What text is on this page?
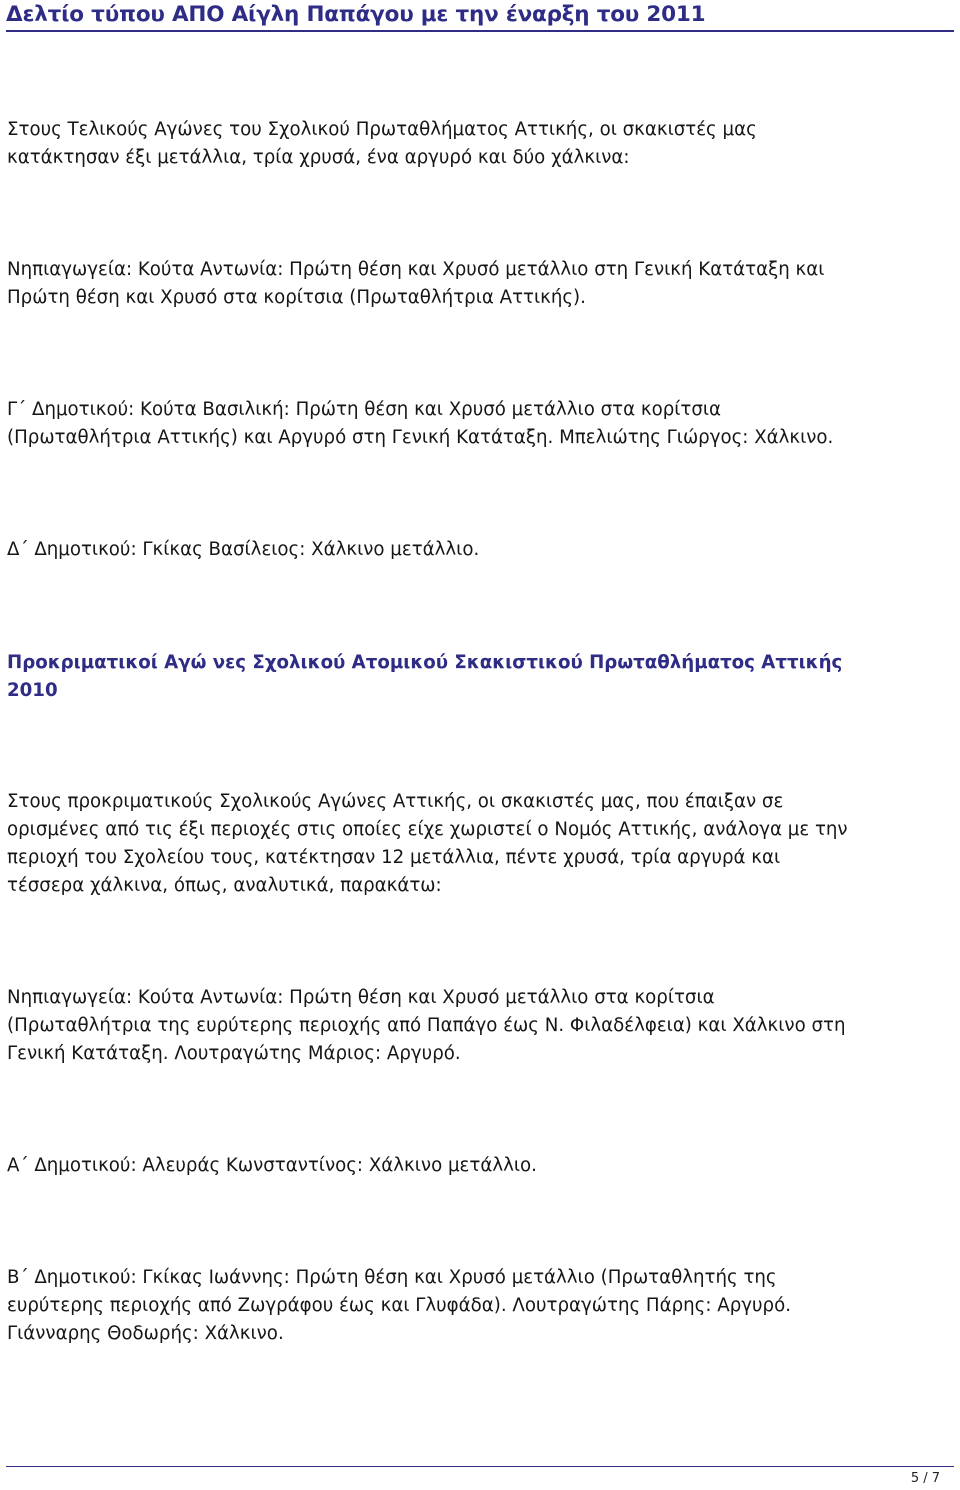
Δελτίο τύπου ΑΠΟ Αίγλη Παπάγου με την έναρξη του 2011

Στους Τελικούς Αγώνες του Σχολικού Πρωταθλήματος Αττικής, οι σκακιστές μας
κατάκτησαν έξι μετάλλια, τρία χρυσά, ένα αργυρό και δύο χάλκινα:

Νηπιαγωγεία: Κούτα Αντωνία: Πρώτη θέση και Χρυσό μετάλλιο στη Γενική Κατάταξη και
Πρώτη θέση και Χρυσό στα κορίτσια (Πρωταθλήτρια Αττικής).

Γ΄ Δημοτικού: Κούτα Βασιλική: Πρώτη θέση και Χρυσό μετάλλιο στα κορίτσια
(Πρωταθλήτρια Αττικής) και Αργυρό στη Γενική Κατάταξη. Μπελιώτης Γιώργος: Χάλκινο.

Δ΄ Δημοτικού: Γκίκας Βασίλειος: Χάλκινο μετάλλιο.

Προκριματικοί Αγώ νες Σχολικού Ατομικού Σκακιστικού Πρωταθλήματος Αττικής
2010

Στους προκριματικούς Σχολικούς Αγώνες Αττικής, οι σκακιστές μας, που έπαιξαν σε
ορισμένες από τις έξι περιοχές στις οποίες είχε χωριστεί ο Νομός Αττικής, ανάλογα με την
περιοχή του Σχολείου τους, κατέκτησαν 12 μετάλλια, πέντε χρυσά, τρία αργυρά και
τέσσερα χάλκινα, όπως, αναλυτικά, παρακάτω:

Νηπιαγωγεία: Κούτα Αντωνία: Πρώτη θέση και Χρυσό μετάλλιο στα κορίτσια
(Πρωταθλήτρια της ευρύτερης περιοχής από Παπάγο έως Ν. Φιλαδέλφεια) και Χάλκινο στη
Γενική Κατάταξη. Λουτραγώτης Μάριος: Αργυρό.

Α΄ Δημοτικού: Αλευράς Κωνσταντίνος: Χάλκινο μετάλλιο.

Β΄ Δημοτικού: Γκίκας Ιωάννης: Πρώτη θέση και Χρυσό μετάλλιο (Πρωταθλητής της
ευρύτερης περιοχής από Ζωγράφου έως και Γλυφάδα). Λουτραγώτης Πάρης: Αργυρό.
Γιάνναρης Θοδωρής: Χάλκινο.

5 / 7
